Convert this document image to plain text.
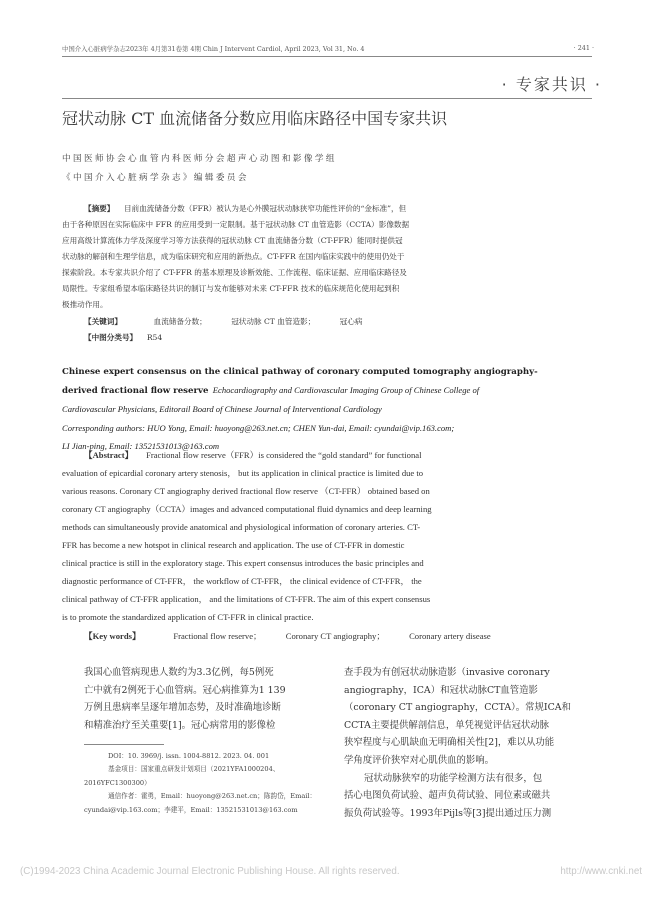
中国介入心脏病学杂志2023年 4月第31卷第 4期 Chin J Intervent Cardiol, April 2023, Vol 31, No. 4	· 241 ·
· 专家共识 ·
冠状动脉 CT 血流储备分数应用临床路径中国专家共识
中国医师协会心血管内科医师分会超声心动图和影像学组
《中国介入心脏病学杂志》编辑委员会
【摘要】 目前血流储备分数（FFR）被认为是心外膜冠状动脉狭窄功能性评价的“金标准”，但
由于各种原因在实际临床中 FFR 的应用受到一定限制。基于冠状动脉 CT 血管造影（CCTA）影像数据
应用高级计算流体力学及深度学习等方法获得的冠状动脉 CT 血流储备分数（CT-FFR）能同时提供冠
状动脉的解剖和生理学信息，成为临床研究和应用的新热点。CT-FFR 在国内临床实践中的使用仍处于
探索阶段。本专家共识介绍了 CT-FFR 的基本原理及诊断效能、工作流程、临床证据、应用临床路径及
局限性。专家组希望本临床路径共识的制订与发布能够对未来 CT-FFR 技术的临床规范化使用起到积
极推动作用。
【关键词】	血流储备分数；	冠状动脉 CT 血管造影；	冠心病
【中图分类号】 R54
Chinese expert consensus on the clinical pathway of coronary computed tomography angiography-
derived fractional flow reserve Echocardiography and Cardiovascular Imaging Group of Chinese College of
Cardiovascular Physicians, Editorail Board of Chinese Journal of Interventional Cardiology
Corresponding authors: HUO Yong, Email: huoyong@263.net.cn; CHEN Yun-dai, Email: cyundai@vip.163.com;
LI Jian-ping, Email: 13521531013@163.com
【Abstract】 Fractional flow reserve（FFR）is considered the “gold standard” for functional
evaluation of epicardial coronary artery stenosis， but its application in clinical practice is limited due to
various reasons. Coronary CT angiography derived fractional flow reserve （CT-FFR） obtained based on
coronary CT angiography（CCTA）images and advanced computational fluid dynamics and deep learning
methods can simultaneously provide anatomical and physiological information of coronary arteries. CT-
FFR has become a new hotspot in clinical research and application. The use of CT-FFR in domestic
clinical practice is still in the exploratory stage. This expert consensus introduces the basic principles and
diagnostic performance of CT-FFR， the workflow of CT-FFR， the clinical evidence of CT-FFR， the
clinical pathway of CT-FFR application， and the limitations of CT-FFR. The aim of this expert consensus
is to promote the standardized application of CT-FFR in clinical practice.
【Key words】	Fractional flow reserve；	Coronary CT angiography；	Coronary artery disease
我国心血管病现患人数约为3.3亿例，每5例死
亡中就有2例死于心血管病。冠心病推算为1 139
万例且患病率呈逐年增加态势，及时准确地诊断
和精准治疗至关重要[1]。冠心病常用的影像检
DOI：10. 3969/j. issn. 1004-8812. 2023. 04. 001
基金项目：国家重点研发计划项目（2021YFA1000204、
2016YFC1300300）
通信作者：霍勇，Email：huoyong@263.net.cn；陈韵岱，Email：
cyundai@vip.163.com；李建平，Email：13521531013@163.com
查手段为有创冠状动脉造影（invasive coronary
angiography，ICA）和冠状动脉CT血管造影
（coronary CT angiography，CCTA）。常规ICA和
CCTA主要提供解剖信息，单凭视觉评估冠状动脉
狭窄程度与心肌缺血无明确相关性[2]，难以从功能
学角度评价狭窄对心肌供血的影响。
冠状动脉狭窄的功能学检测方法有很多，包
括心电图负荷试验、超声负荷试验、同位素或磁共
振负荷试验等。1993年Pijls等[3]提出通过压力测
(C)1994-2023 China Academic Journal Electronic Publishing House. All rights reserved.	http://www.cnki.net
